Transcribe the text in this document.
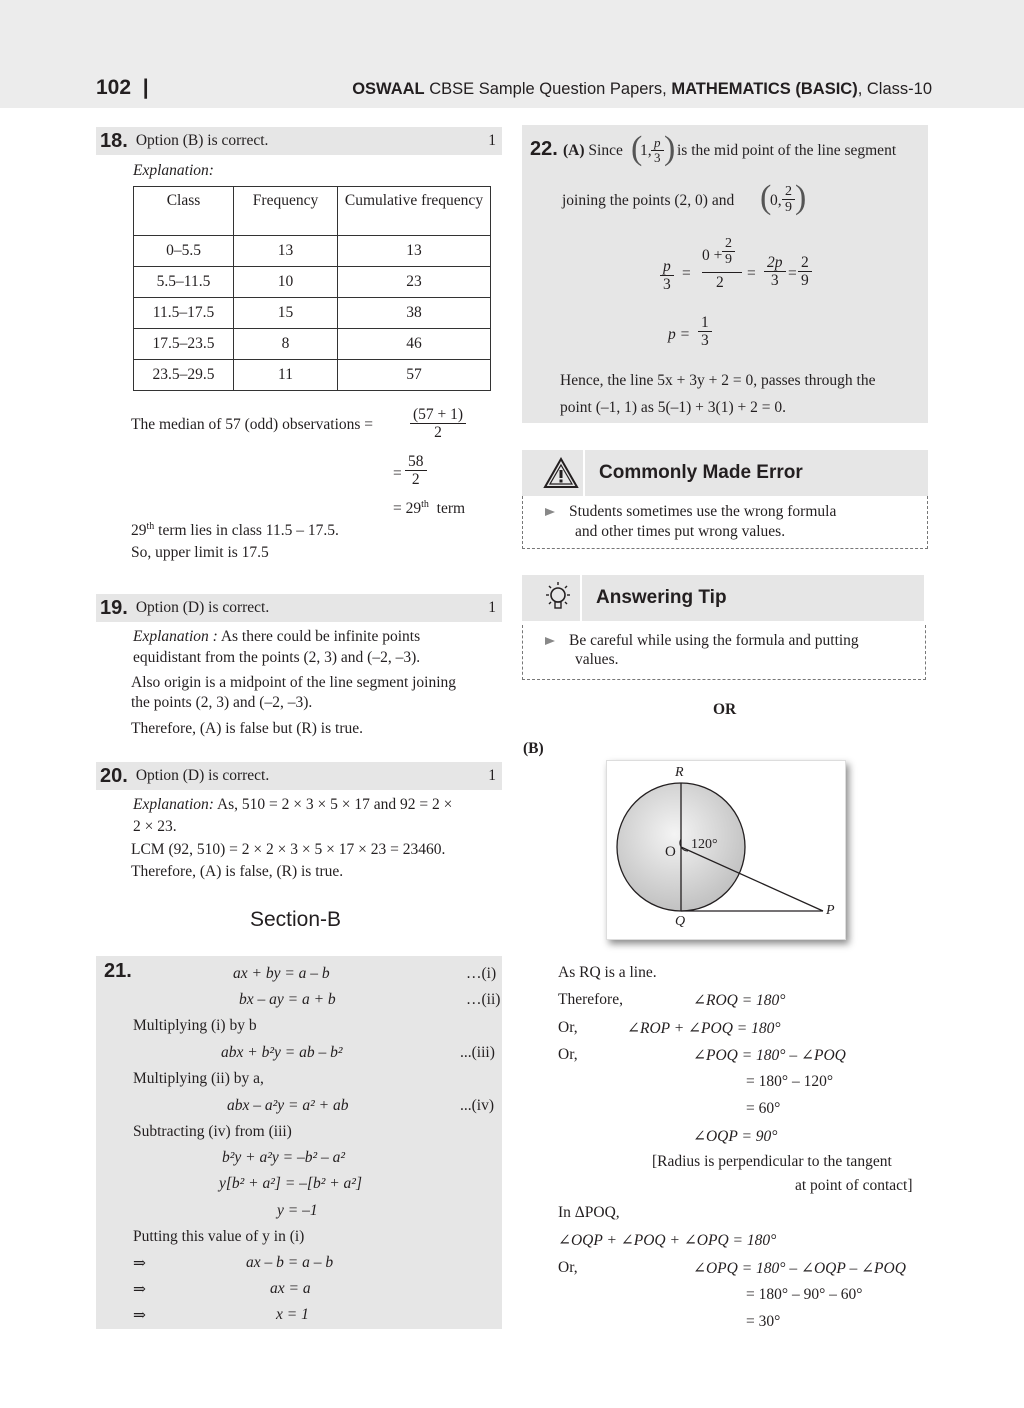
102  |	OSWAAL CBSE Sample Question Papers, MATHEMATICS (BASIC), Class-10
18. Option (B) is correct.	1
Explanation:
Class	Frequency	Cumulative frequency
0–5.5	13	13
5.5–11.5	10	23
11.5–17.5	15	38
17.5–23.5	8	46
23.5–29.5	11	57
The median of 57 (odd) observations = $\frac{(57 + 1)}{2}$
= $\frac{58}{2}$
= 29th term
29th term lies in class 11.5 – 17.5.
So, upper limit is 17.5
19. Option (D) is correct.	1
Explanation : As there could be infinite points
equidistant from the points (2, 3) and (–2, –3).
Also origin is a midpoint of the line segment joining
the points (2, 3) and (–2, –3).
Therefore, (A) is false but (R) is true.
20. Option (D) is correct.	1
Explanation: As, 510 = 2 × 3 × 5 × 17 and 92 = 2 ×
2 × 23.
LCM (92, 510) = 2 × 2 × 3 × 5 × 17 × 23 = 23460.
Therefore, (A) is false, (R) is true.
Section-B
21.	ax + by = a – b	…(i)
bx – ay = a + b	…(ii)
Multiplying (i) by b
abx + b²y = ab – b²	...(iii)
Multiplying (ii) by a,
abx – a²y = a² + ab	...(iv)
Subtracting (iv) from (iii)
b²y + a²y = –b² – a²
y[b² + a²] = –[b² + a²]
y = –1
Putting this value of y in (i)
⇒	ax – b = a – b
⇒	ax = a
⇒	x = 1
22. (A) Since (
1, $\frac{p}{3}$ ) is the mid point of the line segment
joining the points (2, 0) and (
0, $\frac{2}{9}$ )
$\frac{p}{3}$ =
$0 + \frac{2}{9}$
2
= $\frac{2p}{3} = \frac{2}{9}$
$p = \frac{1}{3}$
Hence, the line 5x + 3y + 2 = 0, passes through the
point (–1, 1) as 5(–1) + 3(1) + 2 = 0.
Commonly Made Error
Students sometimes use the wrong formula
and other times put wrong values.
Answering Tip
Be careful while using the formula and putting
values.
OR
(B)
R
O 120°
Q
P
As RQ is a line.
Therefore,	∠ROQ = 180°
Or,	∠ROP + ∠POQ = 180°
Or,	∠POQ = 180° – ∠POQ
= 180° – 120°
= 60°
∠OQP = 90°
[Radius is perpendicular to the tangent
at point of contact]
In ΔPOQ,
∠OQP + ∠POQ + ∠OPQ = 180°
Or,	∠OPQ = 180° – ∠OQP – ∠POQ
= 180° – 90° – 60°
= 30°
